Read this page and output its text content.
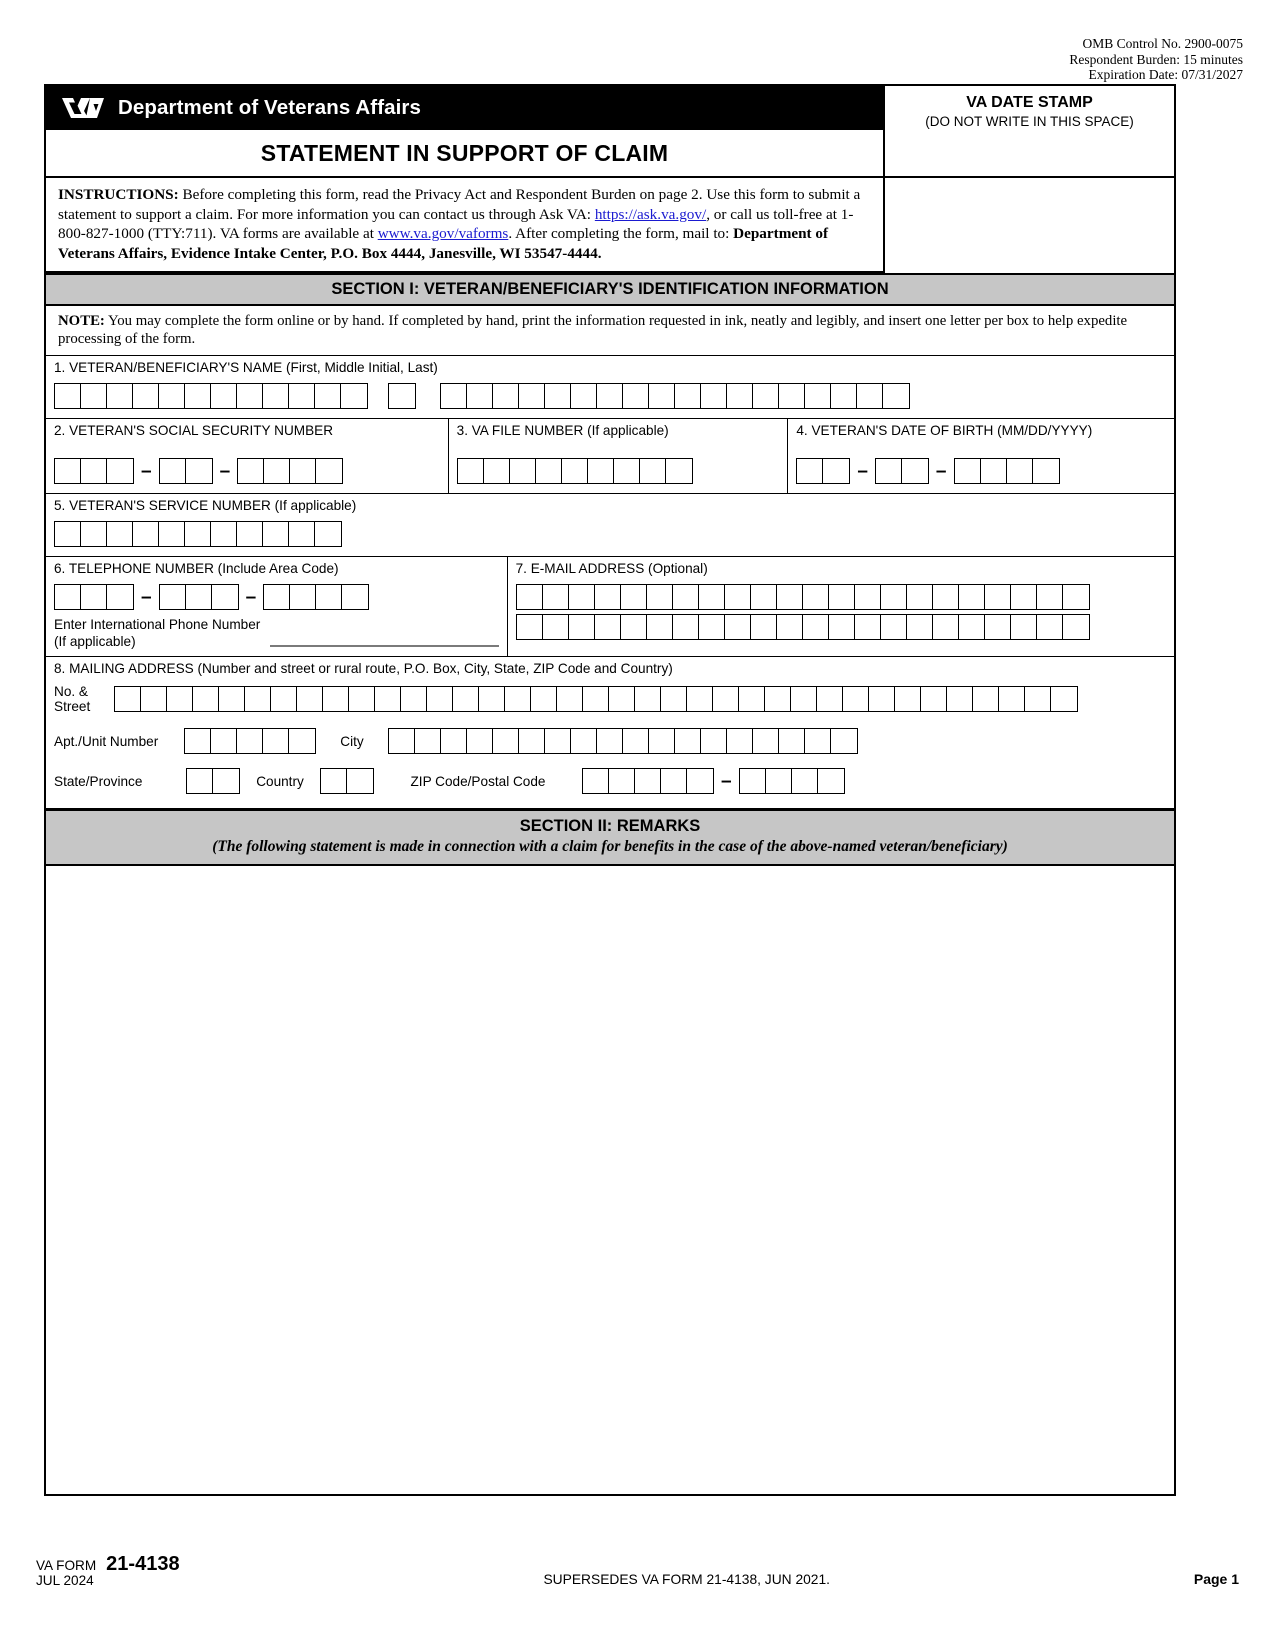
OMB Control No. 2900-0075
Respondent Burden: 15 minutes
Expiration Date: 07/31/2027
Department of Veterans Affairs
STATEMENT IN SUPPORT OF CLAIM
VA DATE STAMP
(DO NOT WRITE IN THIS SPACE)
INSTRUCTIONS: Before completing this form, read the Privacy Act and Respondent Burden on page 2. Use this form to submit a statement to support a claim. For more information you can contact us through Ask VA: https://ask.va.gov/, or call us toll-free at 1-800-827-1000 (TTY:711). VA forms are available at www.va.gov/vaforms. After completing the form, mail to: Department of Veterans Affairs, Evidence Intake Center, P.O. Box 4444, Janesville, WI 53547-4444.
SECTION I: VETERAN/BENEFICIARY'S IDENTIFICATION INFORMATION
NOTE: You may complete the form online or by hand. If completed by hand, print the information requested in ink, neatly and legibly, and insert one letter per box to help expedite processing of the form.
1. VETERAN/BENEFICIARY'S NAME (First, Middle Initial, Last)
2. VETERAN'S SOCIAL SECURITY NUMBER
–	–
3. VA FILE NUMBER (If applicable)	4. VETERAN'S DATE OF BIRTH (MM/DD/YYYY)
–	–
5. VETERAN'S SERVICE NUMBER (If applicable)
6. TELEPHONE NUMBER (Include Area Code)
–	–
Enter International Phone Number
(If applicable)
7. E-MAIL ADDRESS (Optional)
8. MAILING ADDRESS (Number and street or rural route, P.O. Box, City, State, ZIP Code and Country)
No. &
Street
Apt./Unit Number	City
State/Province	Country	ZIP Code/Postal Code	–
SECTION II: REMARKS
(The following statement is made in connection with a claim for benefits in the case of the above-named veteran/beneficiary)
VA FORM
JUL 2024
21-4138
SUPERSEDES VA FORM 21-4138, JUN 2021.	Page 1
